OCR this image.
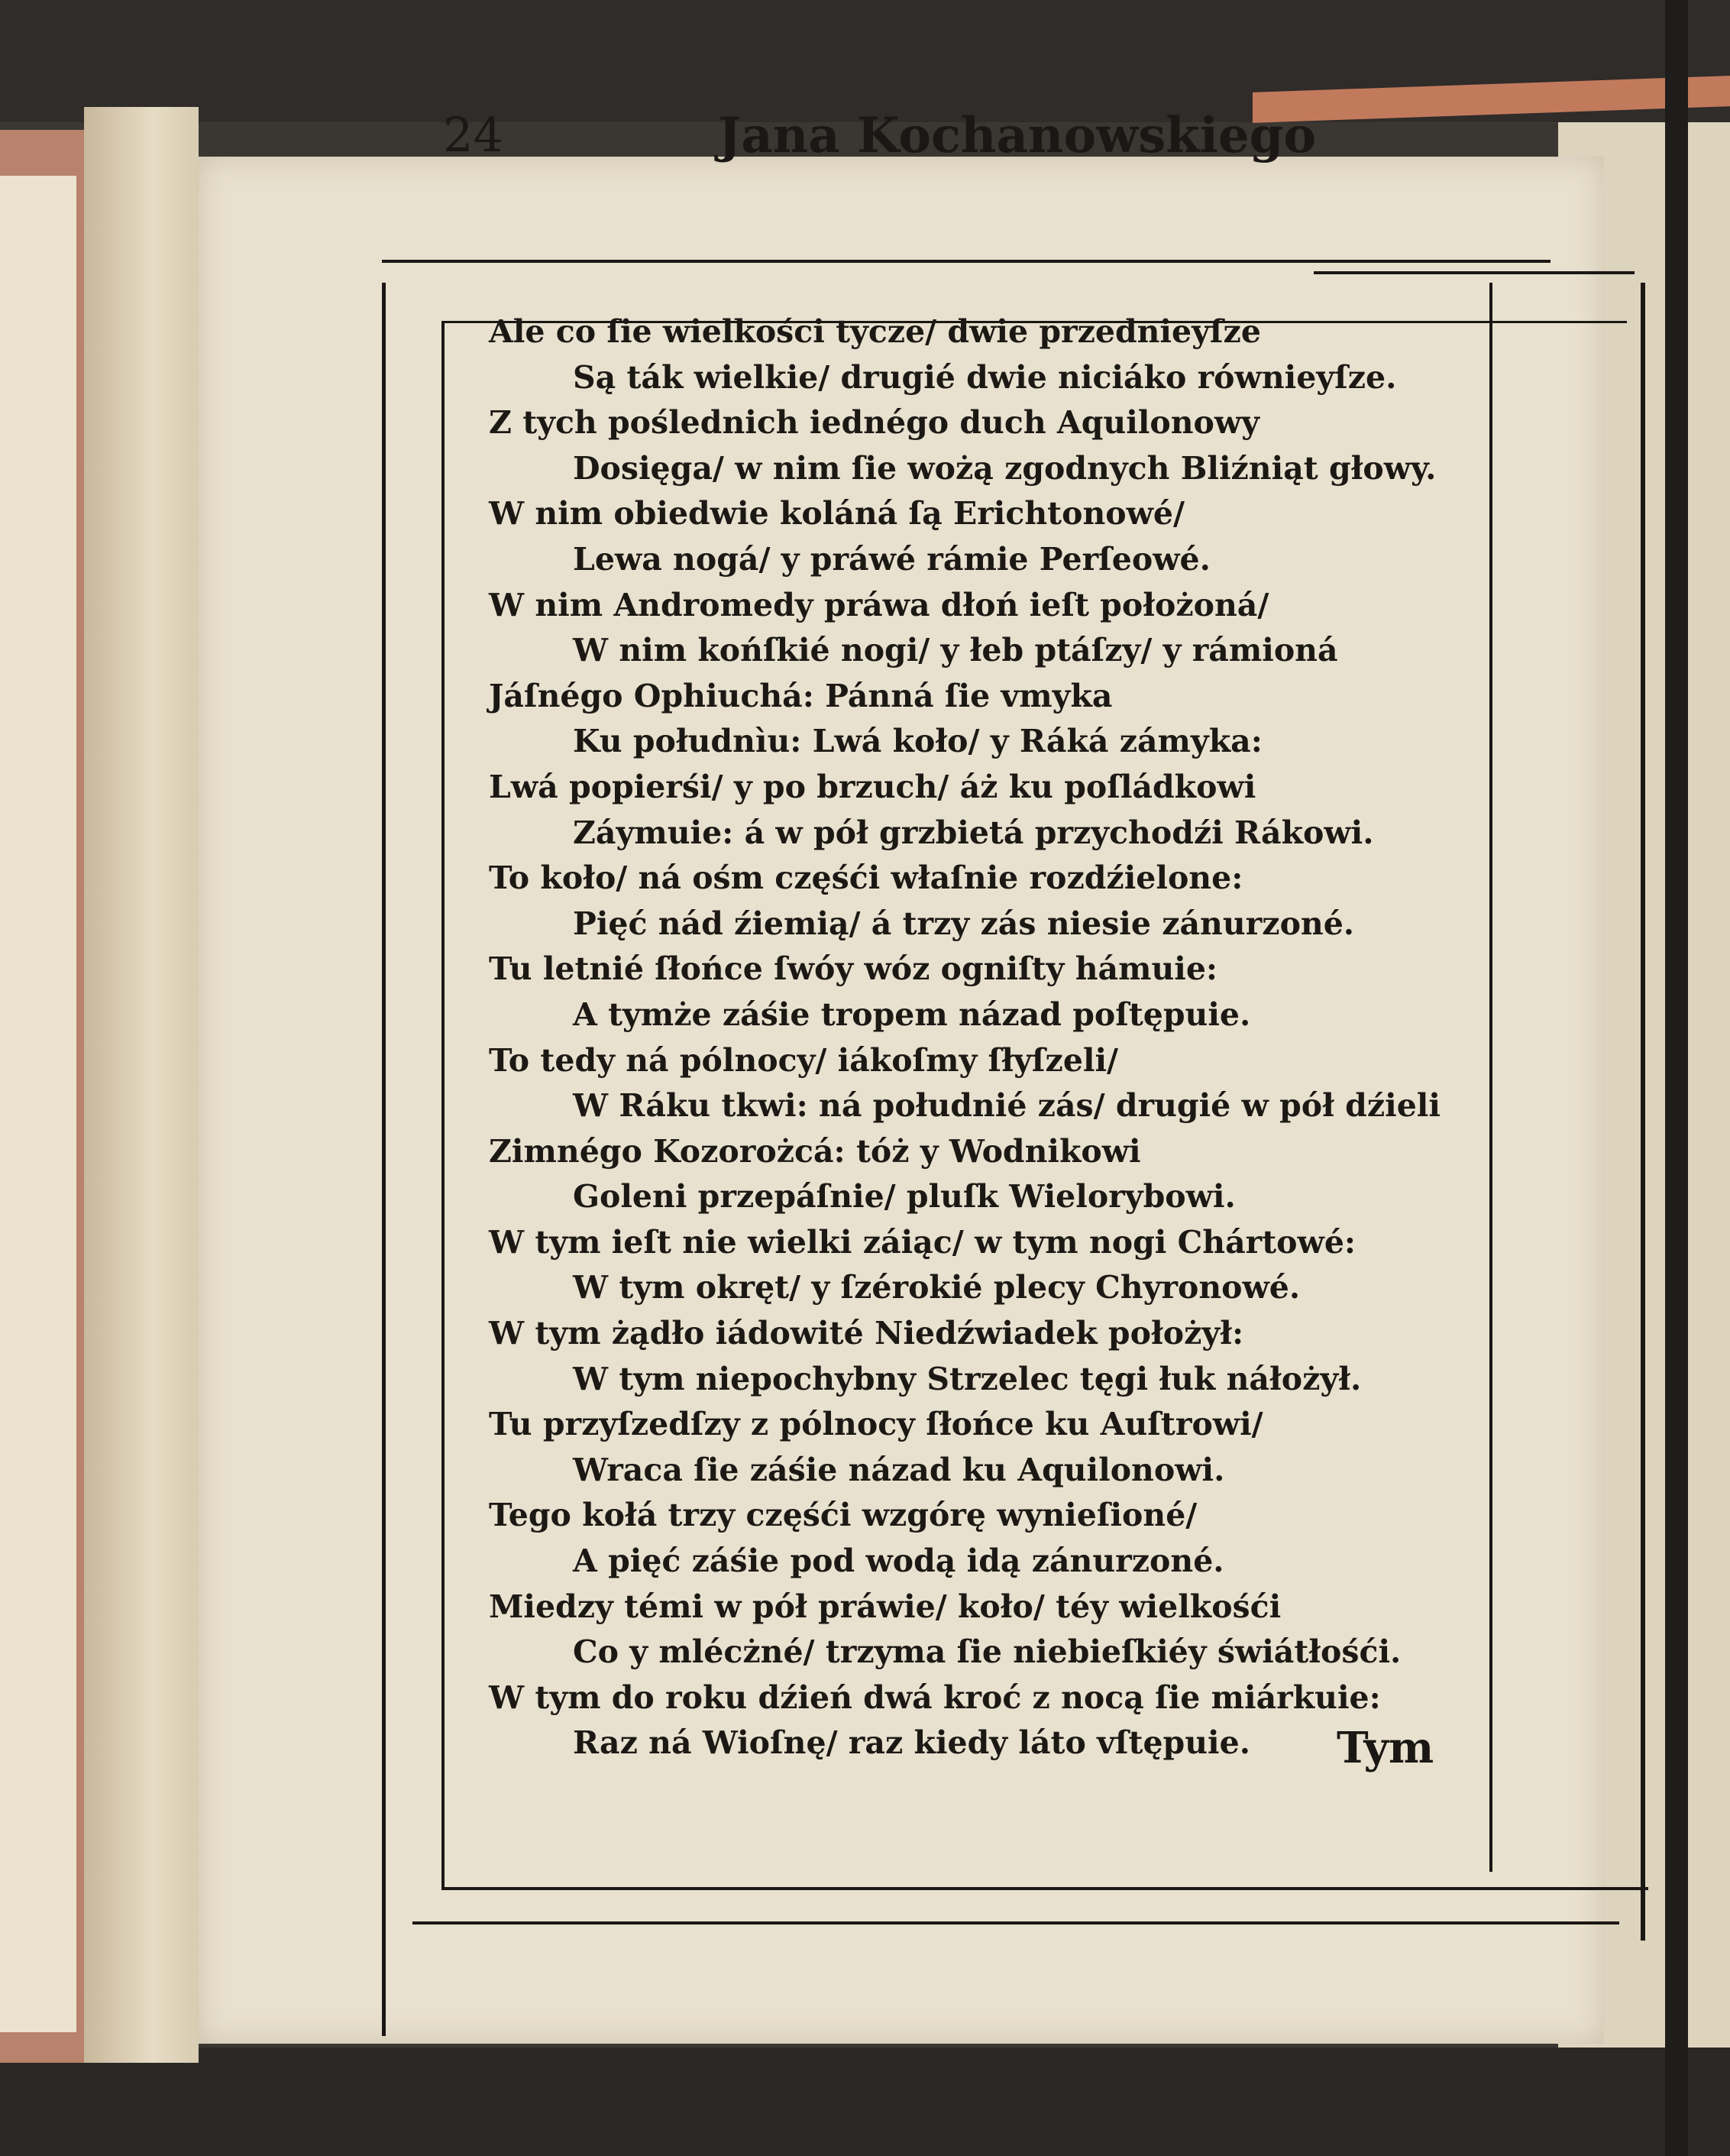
24	Jana Kochanowskiego
Ale co ſie wielkości tycze/ dwie przednieyſze
Są ták wielkie/ drugié dwie niciáko równieyſze.
Z tych poślednich iednégo duch Aquilonowy
Dosięga/ w nim ſie wożą zgodnych Bliźniąt głowy.
W nim obiedwie koláná ſą Erichtonowé/
Lewa nogá/ y práwé rámie Perſeowé.
W nim Andromedy práwa dłoń ieſt położoná/
W nim końſkié nogi/ y łeb ptáſzy/ y rámioná
Jáſnégo Ophiuchá: Pánná ſie vmyka
Ku połudnìu: Lwá koło/ y Ráká zámyka:
Lwá popierśi/ y po brzuch/ áż ku poſládkowi
Záymuie: á w pół grzbietá przychodźi Rákowi.
To koło/ ná ośm częśći właſnie rozdźielone:
Pięć nád źiemią/ á trzy zás niesie zánurzoné.
Tu letnié ſłońce ſwóy wóz ogniſty hámuie:
A tymże záśie tropem názad poſtępuie.
To tedy ná pólnocy/ iákoſmy ſłyſzeli/
W Ráku tkwi: ná południé zás/ drugié w pół dźieli
Zimnégo Kozorożcá: tóż y Wodnikowi
Goleni przepáſnie/ pluſk Wielorybowi.
W tym ieſt nie wielki záiąc/ w tym nogi Chártowé:
W tym okręt/ y ſzérokié plecy Chyronowé.
W tym żądło iádowité Niedźwiadek położył:
W tym niepochybny Strzelec tęgi łuk náłożył.
Tu przyſzedſzy z pólnocy ſłońce ku Auſtrowi/
Wraca ſie záśie názad ku Aquilonowi.
Tego kołá trzy częśći wzgórę wynieſioné/
A pięć záśie pod wodą idą zánurzoné.
Miedzy témi w pół práwie/ koło/ téy wielkośći
Co y mlécżné/ trzyma ſie niebieſkiéy świátłośći.
W tym do roku dźień dwá kroć z nocą ſie miárkuie:
Raz ná Wioſnę/ raz kiedy láto vſtępuie.	Tym
